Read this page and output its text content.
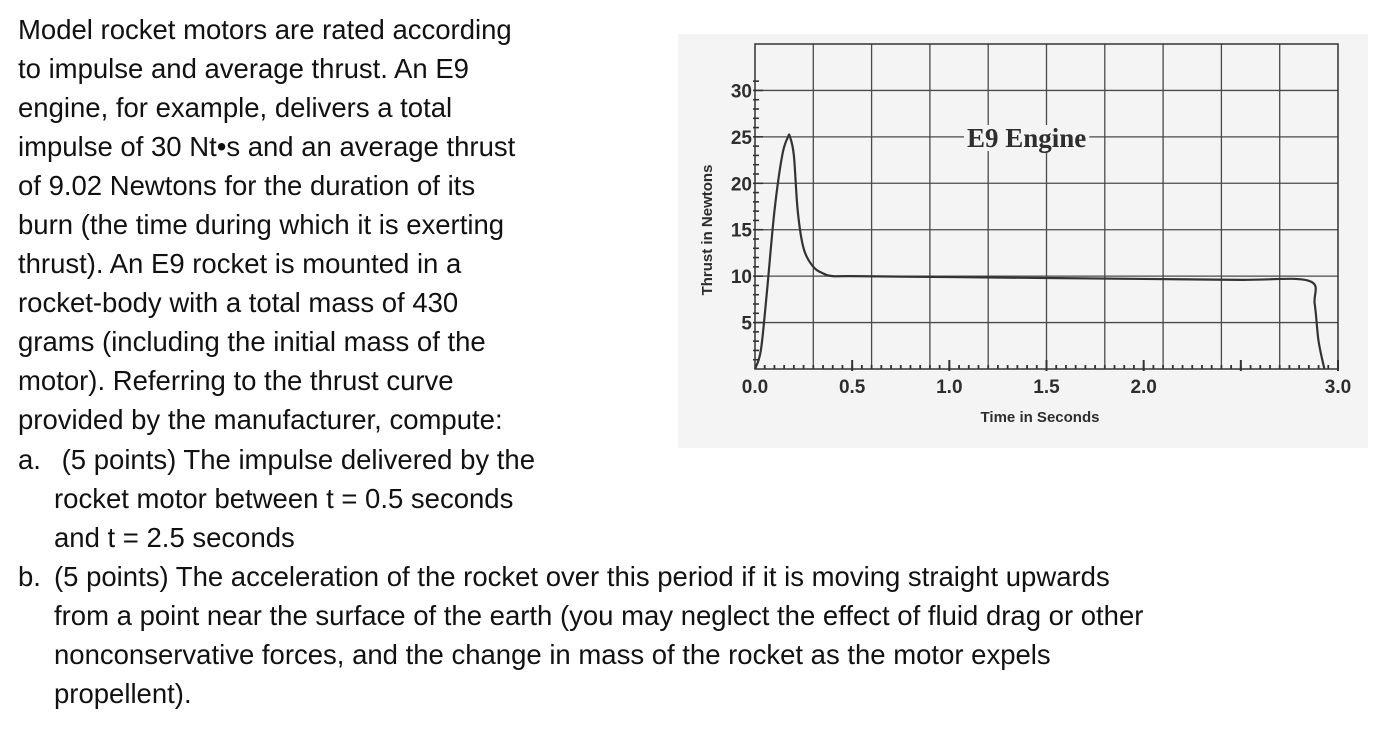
Model rocket motors are rated according
to impulse and average thrust. An E9
engine, for example, delivers a total
impulse of 30 Nt•s and an average thrust
of 9.02 Newtons for the duration of its
burn (the time during which it is exerting
thrust). An E9 rocket is mounted in a
rocket-body with a total mass of 430
grams (including the initial mass of the
motor). Referring to the thrust curve
provided by the manufacturer, compute:
a. (5 points) The impulse delivered by the
rocket motor between t = 0.5 seconds
and t = 2.5 seconds
b. (5 points) The acceleration of the rocket over this period if it is moving straight upwards
from a point near the surface of the earth (you may neglect the effect of fluid drag or other
nonconservative forces, and the change in mass of the rocket as the motor expels
propellent).
0.0	0.5	1.0	1.5	2.0	3.0
5
10
15
20
25
30
E9 Engine
Time in Seconds
Thrust in Newtons
